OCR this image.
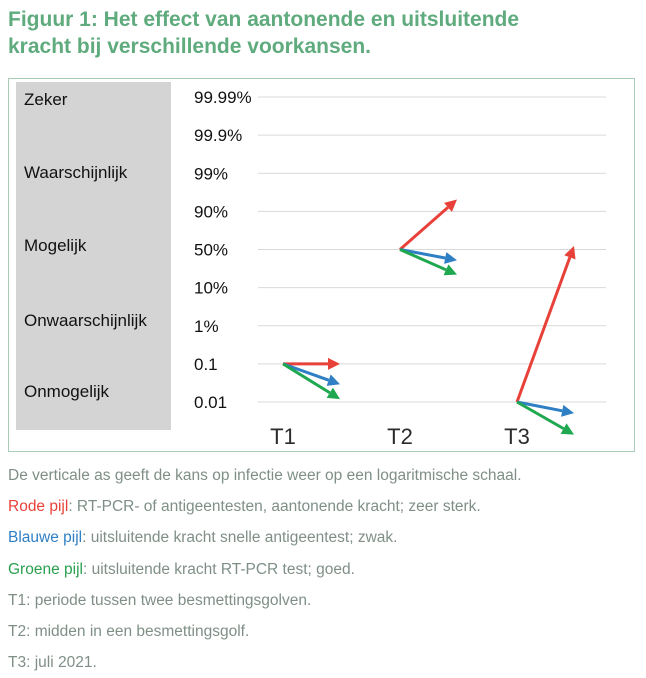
Figuur 1: Het effect van aantonende en uitsluitende
kracht bij verschillende voorkansen.
Zeker
Waarschijnlijk
Mogelijk
Onwaarschijnlijk
Onmogelijk
0.01
0.1
1%
10%
50%
90%
99%
99.9%
99.99%
T1	T2	T3
De verticale as geeft de kans op infectie weer op een logaritmische schaal.
Rode pijl: RT-PCR- of antigeentesten, aantonende kracht; zeer sterk.
Blauwe pijl: uitsluitende kracht snelle antigeentest; zwak.
Groene pijl: uitsluitende kracht RT-PCR test; goed.
T1: periode tussen twee besmettingsgolven.
T2: midden in een besmettingsgolf.
T3: juli 2021.
